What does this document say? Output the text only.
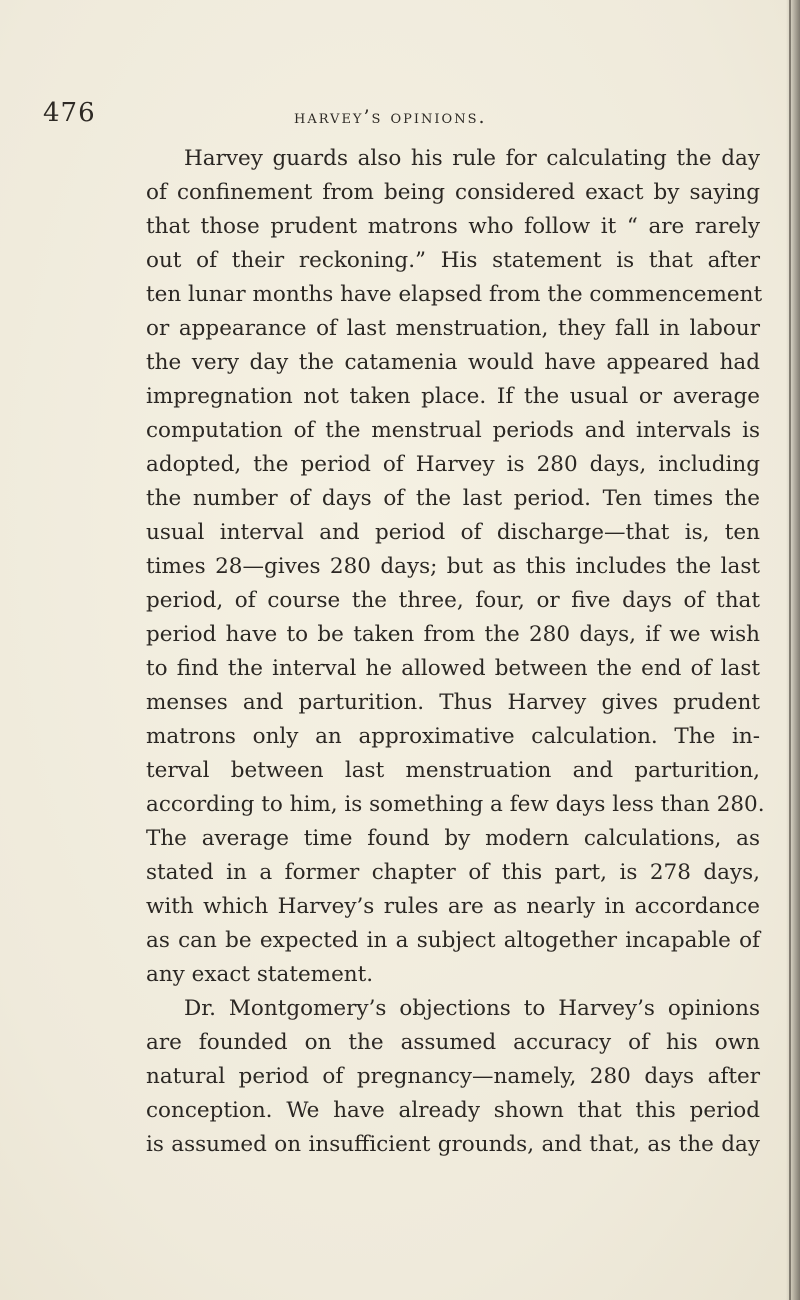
476	harvey’s opinions.
Harvey guards also his rule for calculating the day
of confinement from being considered exact by saying
that those prudent matrons who follow it “ are rarely
out of their reckoning.” His statement is that after
ten lunar months have elapsed from the commencement
or appearance of last menstruation, they fall in labour
the very day the catamenia would have appeared had
impregnation not taken place. If the usual or average
computation of the menstrual periods and intervals is
adopted, the period of Harvey is 280 days, including
the number of days of the last period. Ten times the
usual interval and period of discharge—that is, ten
times 28—gives 280 days; but as this includes the last
period, of course the three, four, or five days of that
period have to be taken from the 280 days, if we wish
to find the interval he allowed between the end of last
menses and parturition. Thus Harvey gives prudent
matrons only an approximative calculation. The in-
terval between last menstruation and parturition,
according to him, is something a few days less than 280.
The average time found by modern calculations, as
stated in a former chapter of this part, is 278 days,
with which Harvey’s rules are as nearly in accordance
as can be expected in a subject altogether incapable of
any exact statement.
Dr. Montgomery’s objections to Harvey’s opinions
are founded on the assumed accuracy of his own
natural period of pregnancy—namely, 280 days after
conception. We have already shown that this period
is assumed on insufficient grounds, and that, as the day
